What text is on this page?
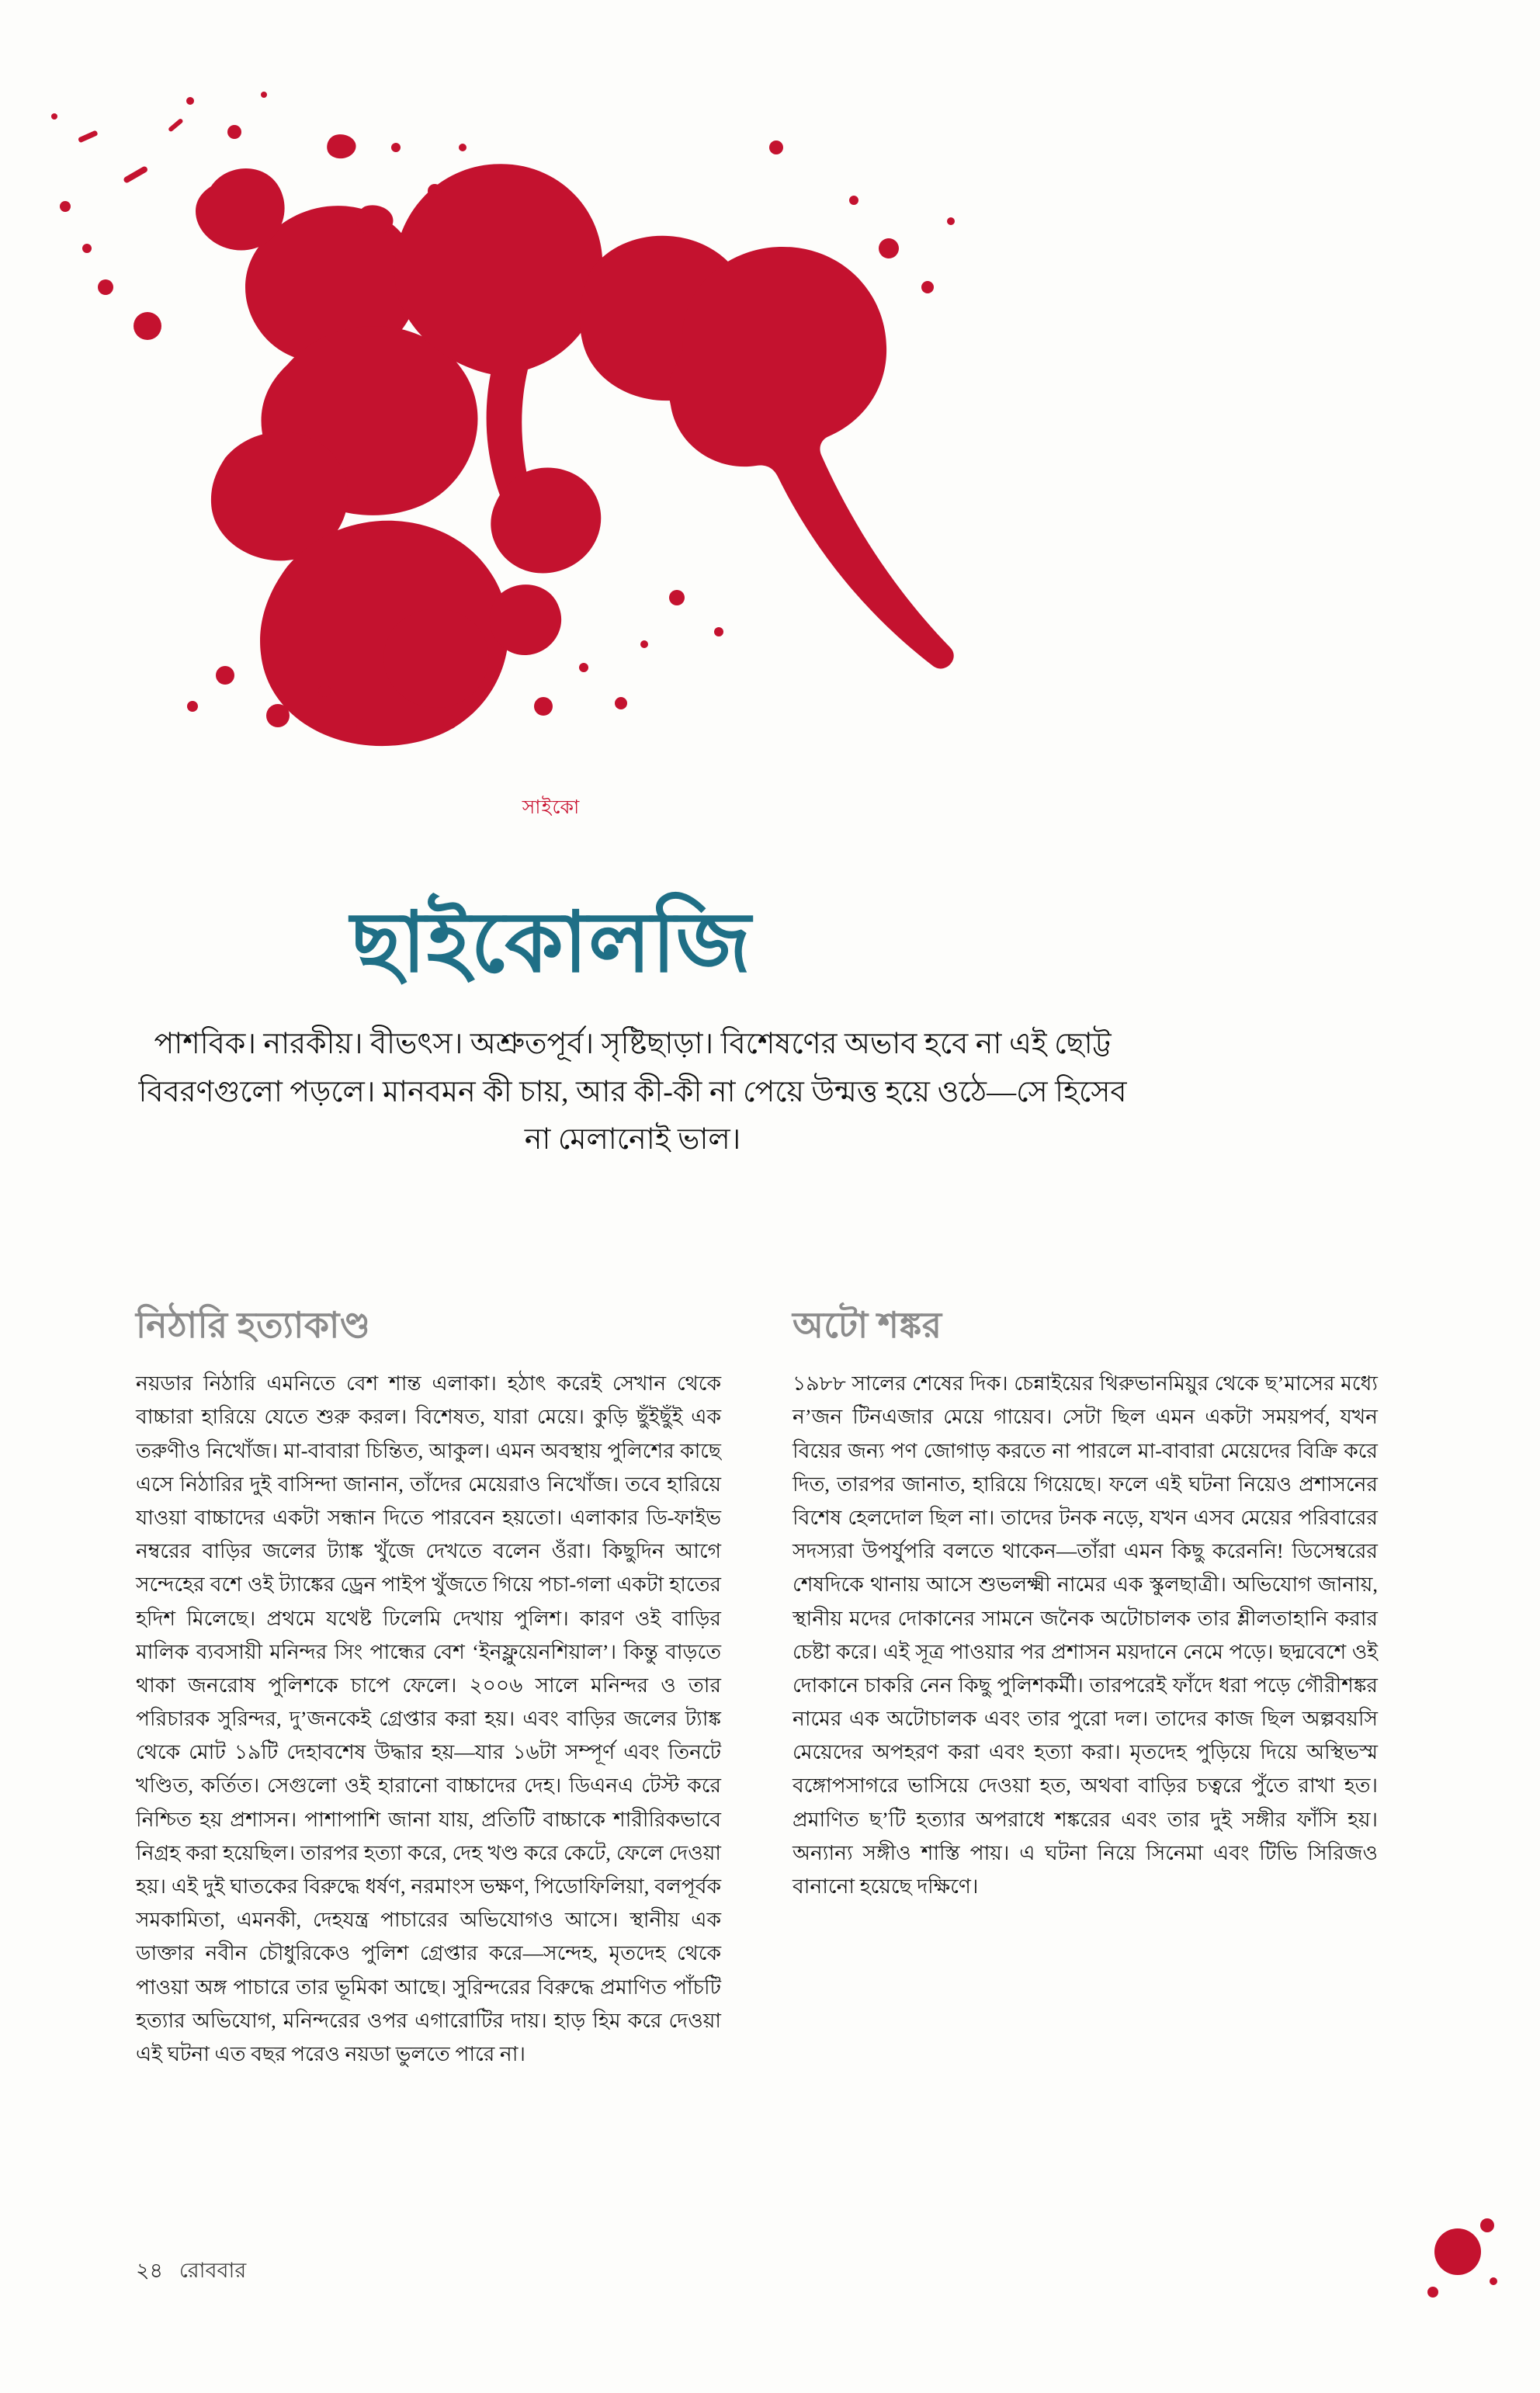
সাইকো
ছাইকোলজি
পাশবিক। নারকীয়। বীভৎস। অশ্রুতপূর্ব। সৃষ্টিছাড়া। বিশেষণের অভাব হবে না এই ছোট্ট বিবরণগুলো পড়লে। মানবমন কী চায়, আর কী-কী না পেয়ে উন্মত্ত হয়ে ওঠে—সে হিসেব না মেলানোই ভাল।
নিঠারি হত্যাকাণ্ড

নয়ডার নিঠারি এমনিতে বেশ শান্ত এলাকা। হঠাৎ করেই সেখান থেকে বাচ্চারা হারিয়ে যেতে শুরু করল। বিশেষত, যারা মেয়ে। কুড়ি ছুঁইছুঁই এক তরুণীও নিখোঁজ। মা-বাবারা চিন্তিত, আকুল। এমন অবস্থায় পুলিশের কাছে এসে নিঠারির দুই বাসিন্দা জানান, তাঁদের মেয়েরাও নিখোঁজ। তবে হারিয়ে যাওয়া বাচ্চাদের একটা সন্ধান দিতে পারবেন হয়তো। এলাকার ডি-ফাইভ নম্বরের বাড়ির জলের ট্যাঙ্ক খুঁজে দেখতে বলেন ওঁরা। কিছুদিন আগে সন্দেহের বশে ওই ট্যাঙ্কের ড্রেন পাইপ খুঁজতে গিয়ে পচা-গলা একটা হাতের হদিশ মিলেছে। প্রথমে যথেষ্ট ঢিলেমি দেখায় পুলিশ। কারণ ওই বাড়ির মালিক ব্যবসায়ী মনিন্দর সিং পান্ধের বেশ ‘ইনফ্লুয়েনশিয়াল’। কিন্তু বাড়তে থাকা জনরোষ পুলিশকে চাপে ফেলে। ২০০৬ সালে মনিন্দর ও তার পরিচারক সুরিন্দর, দু’জনকেই গ্রেপ্তার করা হয়। এবং বাড়ির জলের ট্যাঙ্ক থেকে মোট ১৯টি দেহাবশেষ উদ্ধার হয়—যার ১৬টা সম্পূর্ণ এবং তিনটে খণ্ডিত, কর্তিত। সেগুলো ওই হারানো বাচ্চাদের দেহ। ডিএনএ টেস্ট করে নিশ্চিত হয় প্রশাসন। পাশাপাশি জানা যায়, প্রতিটি বাচ্চাকে শারীরিকভাবে নিগ্রহ করা হয়েছিল। তারপর হত্যা করে, দেহ খণ্ড করে কেটে, ফেলে দেওয়া হয়। এই দুই ঘাতকের বিরুদ্ধে ধর্ষণ, নরমাংস ভক্ষণ, পিডোফিলিয়া, বলপূর্বক সমকামিতা, এমনকী, দেহযন্ত্র পাচারের অভিযোগও আসে। স্থানীয় এক ডাক্তার নবীন চৌধুরিকেও পুলিশ গ্রেপ্তার করে—সন্দেহ, মৃতদেহ থেকে পাওয়া অঙ্গ পাচারে তার ভূমিকা আছে। সুরিন্দরের বিরুদ্ধে প্রমাণিত পাঁচটি হত্যার অভিযোগ, মনিন্দরের ওপর এগারোটির দায়। হাড় হিম করে দেওয়া এই ঘটনা এত বছর পরেও নয়ডা ভুলতে পারে না।

অটো শঙ্কর

১৯৮৮ সালের শেষের দিক। চেন্নাইয়ের থিরুভানমিয়ুর থেকে ছ’মাসের মধ্যে ন’জন টিনএজার মেয়ে গায়েব। সেটা ছিল এমন একটা সময়পর্ব, যখন বিয়ের জন্য পণ জোগাড় করতে না পারলে মা-বাবারা মেয়েদের বিক্রি করে দিত, তারপর জানাত, হারিয়ে গিয়েছে। ফলে এই ঘটনা নিয়েও প্রশাসনের বিশেষ হেলদোল ছিল না। তাদের টনক নড়ে, যখন এসব মেয়ের পরিবারের সদস্যরা উপর্যুপরি বলতে থাকেন—তাঁরা এমন কিছু করেননি! ডিসেম্বরের শেষদিকে থানায় আসে শুভলক্ষ্মী নামের এক স্কুলছাত্রী। অভিযোগ জানায়, স্থানীয় মদের দোকানের সামনে জনৈক অটোচালক তার শ্লীলতাহানি করার চেষ্টা করে। এই সূত্র পাওয়ার পর প্রশাসন ময়দানে নেমে পড়ে। ছদ্মবেশে ওই দোকানে চাকরি নেন কিছু পুলিশকর্মী। তারপরেই ফাঁদে ধরা পড়ে গৌরীশঙ্কর নামের এক অটোচালক এবং তার পুরো দল। তাদের কাজ ছিল অল্পবয়সি মেয়েদের অপহরণ করা এবং হত্যা করা। মৃতদেহ পুড়িয়ে দিয়ে অস্থিভস্ম বঙ্গোপসাগরে ভাসিয়ে দেওয়া হত, অথবা বাড়ির চত্বরে পুঁতে রাখা হত। প্রমাণিত ছ’টি হত্যার অপরাধে শঙ্করের এবং তার দুই সঙ্গীর ফাঁসি হয়। অন্যান্য সঙ্গীও শাস্তি পায়। এ ঘটনা নিয়ে সিনেমা এবং টিভি সিরিজও বানানো হয়েছে দক্ষিণে।

২৪ রোববার
